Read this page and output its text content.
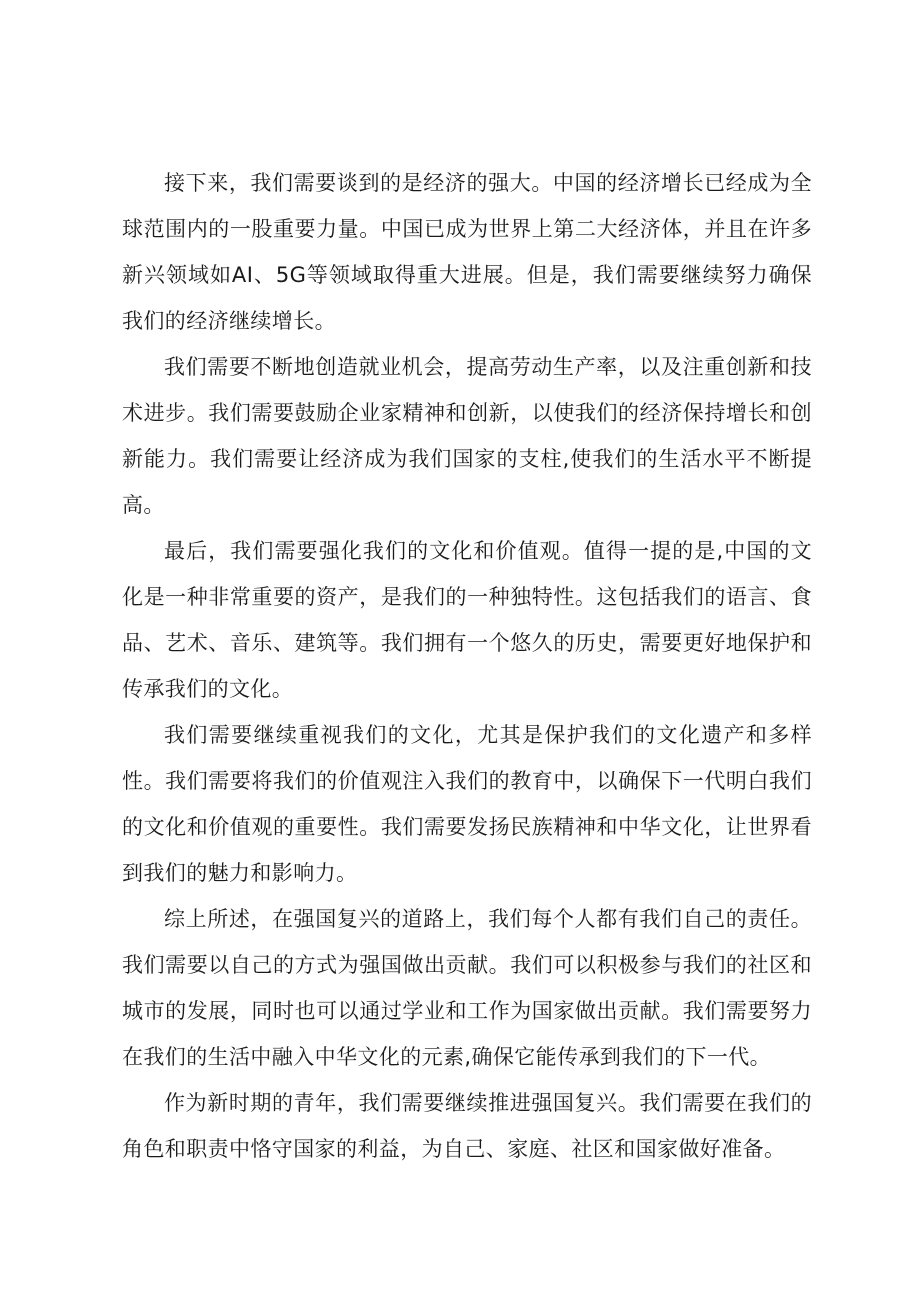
接下来，我们需要谈到的是经济的强大。中国的经济增长已经成为全球范围内的一股重要力量。中国已成为世界上第二大经济体，并且在许多新兴领域如AI、5G等领域取得重大进展。但是，我们需要继续努力确保我们的经济继续增长。

我们需要不断地创造就业机会，提高劳动生产率，以及注重创新和技术进步。我们需要鼓励企业家精神和创新，以使我们的经济保持增长和创新能力。我们需要让经济成为我们国家的支柱,使我们的生活水平不断提高。

最后，我们需要强化我们的文化和价值观。值得一提的是,中国的文化是一种非常重要的资产，是我们的一种独特性。这包括我们的语言、食品、艺术、音乐、建筑等。我们拥有一个悠久的历史，需要更好地保护和传承我们的文化。

我们需要继续重视我们的文化，尤其是保护我们的文化遗产和多样性。我们需要将我们的价值观注入我们的教育中，以确保下一代明白我们的文化和价值观的重要性。我们需要发扬民族精神和中华文化，让世界看到我们的魅力和影响力。

综上所述，在强国复兴的道路上，我们每个人都有我们自己的责任。我们需要以自己的方式为强国做出贡献。我们可以积极参与我们的社区和城市的发展，同时也可以通过学业和工作为国家做出贡献。我们需要努力在我们的生活中融入中华文化的元素,确保它能传承到我们的下一代。

作为新时期的青年，我们需要继续推进强国复兴。我们需要在我们的角色和职责中恪守国家的利益，为自己、家庭、社区和国家做好准备。
